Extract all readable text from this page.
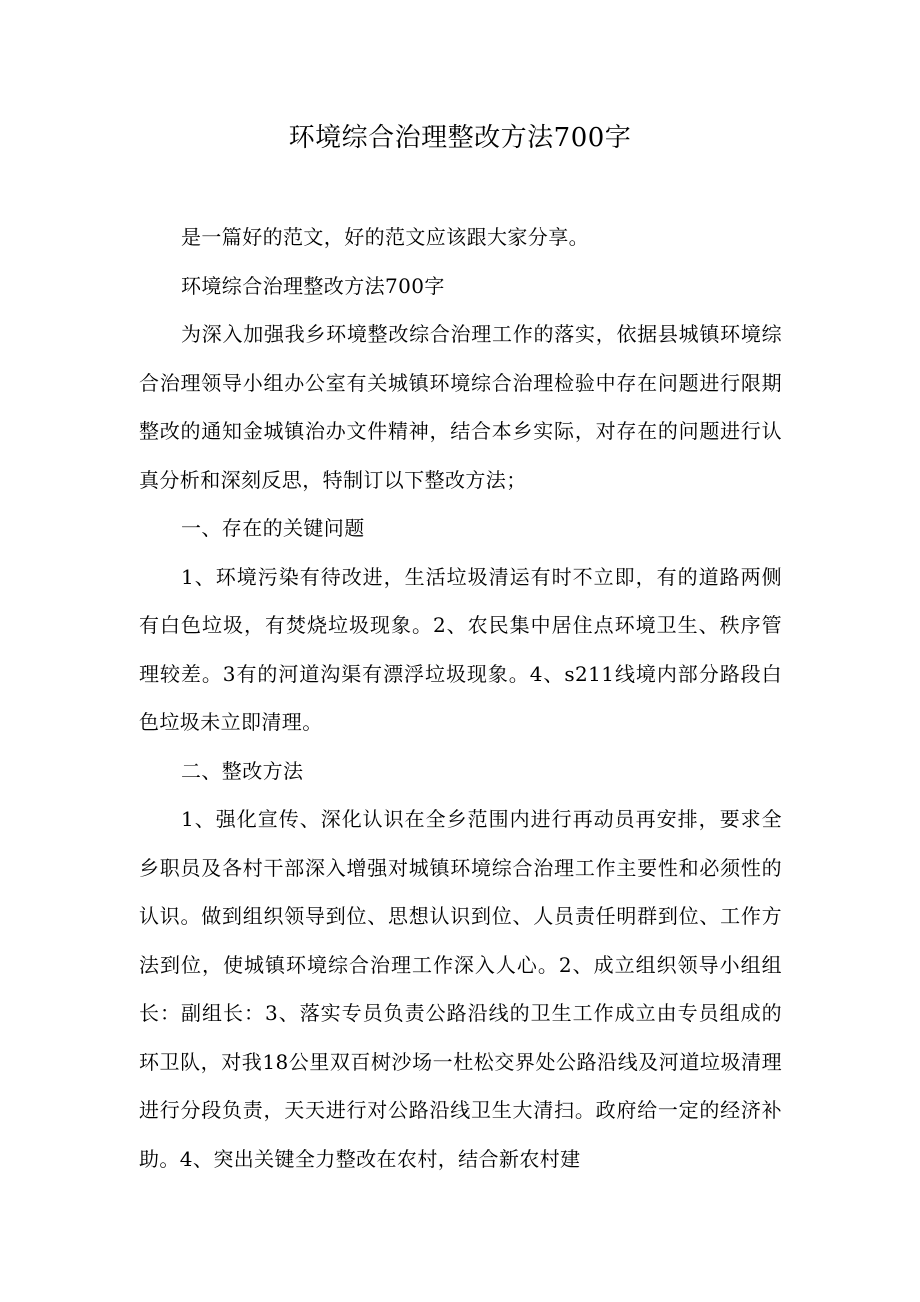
环境综合治理整改方法700字

是一篇好的范文，好的范文应该跟大家分享。

环境综合治理整改方法700字

为深入加强我乡环境整改综合治理工作的落实，依据县城镇环境综合治理领导小组办公室有关城镇环境综合治理检验中存在问题进行限期整改的通知金城镇治办文件精神，结合本乡实际，对存在的问题进行认真分析和深刻反思，特制订以下整改方法；

一、存在的关键问题

1、环境污染有待改进，生活垃圾清运有时不立即，有的道路两侧有白色垃圾，有焚烧垃圾现象。2、农民集中居住点环境卫生、秩序管理较差。3有的河道沟渠有漂浮垃圾现象。4、s211线境内部分路段白色垃圾未立即清理。

二、整改方法

1、强化宣传、深化认识在全乡范围内进行再动员再安排，要求全乡职员及各村干部深入增强对城镇环境综合治理工作主要性和必须性的认识。做到组织领导到位、思想认识到位、人员责任明群到位、工作方法到位，使城镇环境综合治理工作深入人心。2、成立组织领导小组组长：副组长：3、落实专员负责公路沿线的卫生工作成立由专员组成的环卫队，对我18公里双百树沙场一杜松交界处公路沿线及河道垃圾清理进行分段负责，天天进行对公路沿线卫生大清扫。政府给一定的经济补助。4、突出关键全力整改在农村，结合新农村建
